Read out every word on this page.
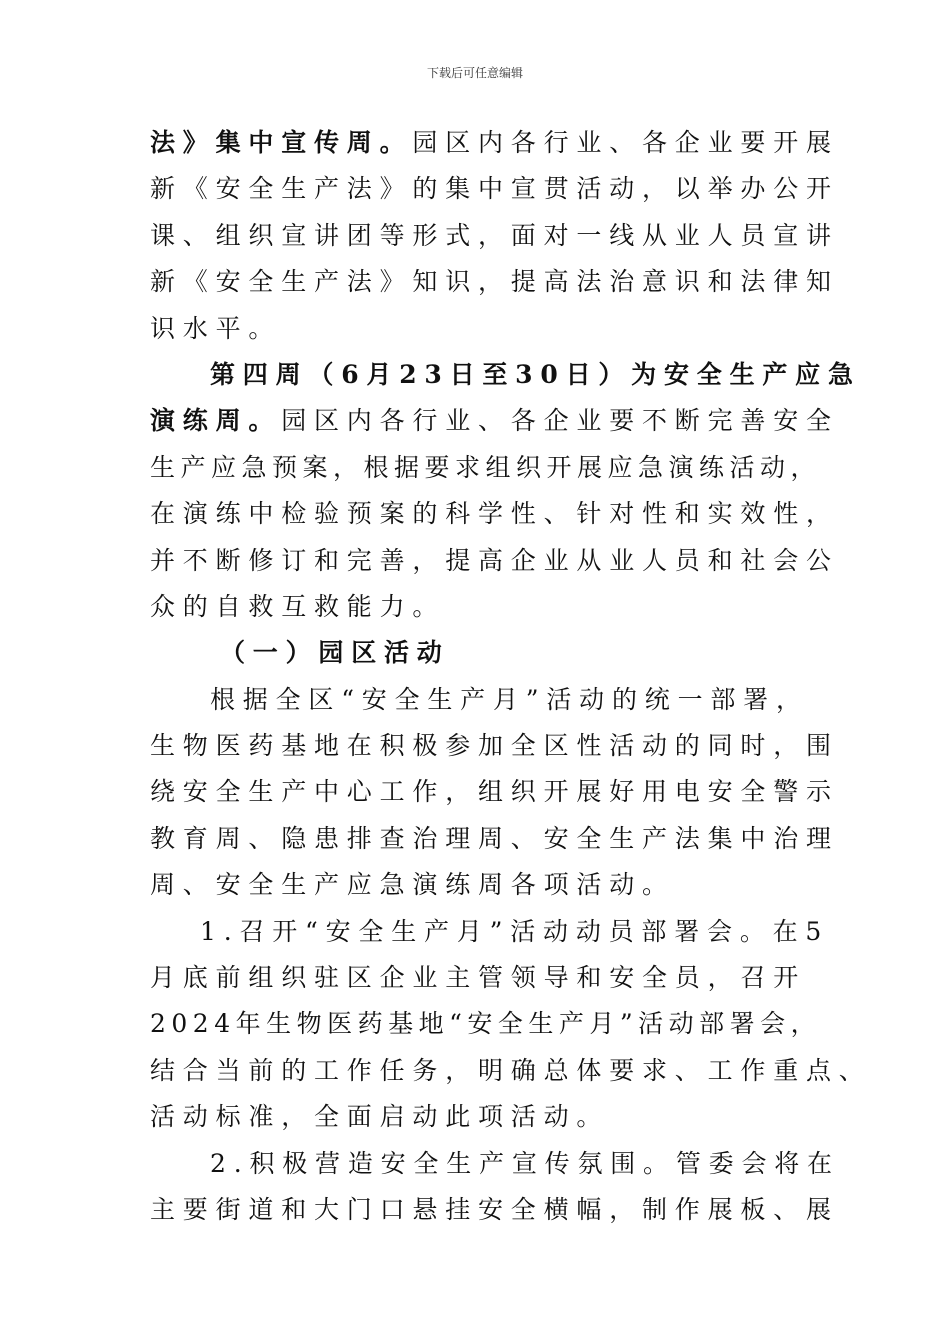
下载后可任意编辑
法》集中宣传周。园区内各行业、各企业要开展
新《安全生产法》的集中宣贯活动，以举办公开
课、组织宣讲团等形式，面对一线从业人员宣讲
新《安全生产法》知识，提高法治意识和法律知
识水平。
第四周（6月23日至30日）为安全生产应急
演练周。园区内各行业、各企业要不断完善安全
生产应急预案，根据要求组织开展应急演练活动，
在演练中检验预案的科学性、针对性和实效性，
并不断修订和完善，提高企业从业人员和社会公
众的自救互救能力。
（一）园区活动
根据全区“安全生产月”活动的统一部署，
生物医药基地在积极参加全区性活动的同时，围
绕安全生产中心工作，组织开展好用电安全警示
教育周、隐患排查治理周、安全生产法集中治理
周、安全生产应急演练周各项活动。
1.召开“安全生产月”活动动员部署会。在5
月底前组织驻区企业主管领导和安全员，召开
2024年生物医药基地“安全生产月”活动部署会，
结合当前的工作任务，明确总体要求、工作重点、
活动标准，全面启动此项活动。
2.积极营造安全生产宣传氛围。管委会将在
主要街道和大门口悬挂安全横幅，制作展板、展
